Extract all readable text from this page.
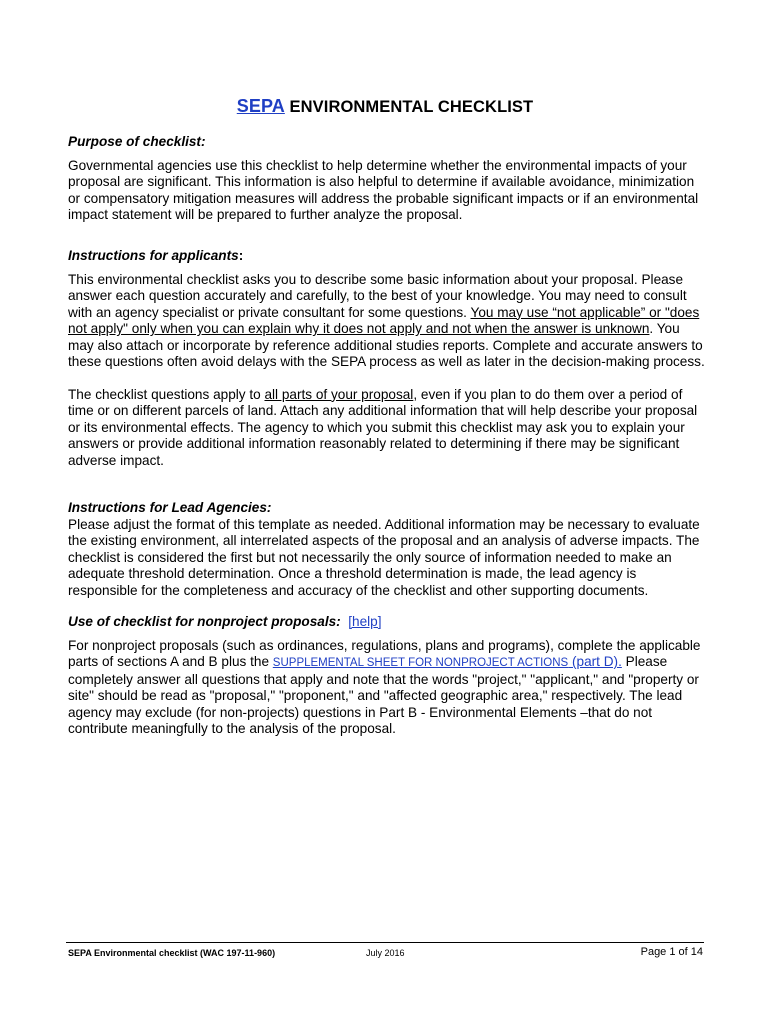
SEPA ENVIRONMENTAL CHECKLIST

Purpose of checklist:

Governmental agencies use this checklist to help determine whether the environmental impacts of your proposal are significant. This information is also helpful to determine if available avoidance, minimization or compensatory mitigation measures will address the probable significant impacts or if an environmental impact statement will be prepared to further analyze the proposal.

Instructions for applicants:

This environmental checklist asks you to describe some basic information about your proposal. Please answer each question accurately and carefully, to the best of your knowledge. You may need to consult with an agency specialist or private consultant for some questions. You may use “not applicable” or "does not apply" only when you can explain why it does not apply and not when the answer is unknown. You may also attach or incorporate by reference additional studies reports. Complete and accurate answers to these questions often avoid delays with the SEPA process as well as later in the decision-making process.

The checklist questions apply to all parts of your proposal, even if you plan to do them over a period of time or on different parcels of land. Attach any additional information that will help describe your proposal or its environmental effects. The agency to which you submit this checklist may ask you to explain your answers or provide additional information reasonably related to determining if there may be significant adverse impact.

Instructions for Lead Agencies:

Please adjust the format of this template as needed. Additional information may be necessary to evaluate the existing environment, all interrelated aspects of the proposal and an analysis of adverse impacts. The checklist is considered the first but not necessarily the only source of information needed to make an adequate threshold determination. Once a threshold determination is made, the lead agency is responsible for the completeness and accuracy of the checklist and other supporting documents.

Use of checklist for nonproject proposals: [help]

For nonproject proposals (such as ordinances, regulations, plans and programs), complete the applicable parts of sections A and B plus the SUPPLEMENTAL SHEET FOR NONPROJECT ACTIONS (part D). Please completely answer all questions that apply and note that the words "project," "applicant," and "property or site" should be read as "proposal," "proponent," and "affected geographic area," respectively. The lead agency may exclude (for non-projects) questions in Part B - Environmental Elements –that do not contribute meaningfully to the analysis of the proposal.

SEPA Environmental checklist (WAC 197-11-960)	July 2016	Page 1 of 14
